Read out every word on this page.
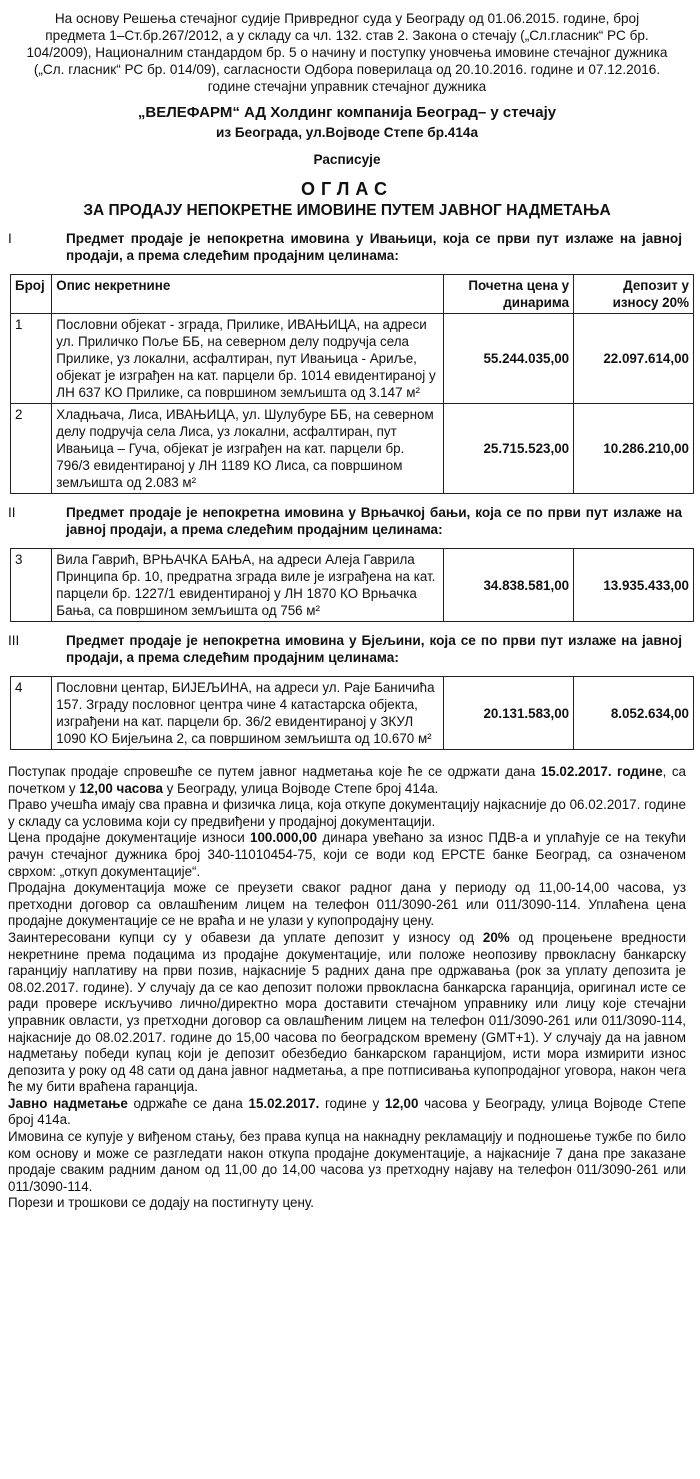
На основу Решења стечајног судије Привредног суда у Београду од 01.06.2015. године, број предмета 1–Ст.бр.267/2012, а у складу са чл. 132. став 2. Закона о стечају („Сл.гласник“ РС бр. 104/2009), Националним стандардом бр. 5 о начину и поступку уновчења имовине стечајног дужника („Сл. гласник“ РС бр. 014/09), сагласности Одбора поверилаца од 20.10.2016. године и 07.12.2016. године стечајни управник стечајног дужника
„ВЕЛЕФАРМ“ АД Холдинг компанија Београд– у стечају
из Београда, ул.Војводе Степе бр.414а
Расписује
ОГЛАС
ЗА ПРОДАЈУ НЕПОКРЕТНЕ ИМОВИНЕ ПУТЕМ ЈАВНОГ НАДМЕТАЊА
I	Предмет продаје је непокретна имовина у Ивањици, која се први пут излаже на јавној продаји, а према следећим продајним целинама:
Број	Опис некретнине	Почетна цена у динарима	Депозит у износу 20%
1	Пословни објекат - зграда, Прилике, ИВАЊИЦА, на адреси ул. Приличко Поље ББ, на северном делу подручја села Прилике, уз локални, асфалтиран, пут Ивањица - Ариље, објекат је изграђен на кат. парцели бр. 1014 евидентираној у ЛН 637 КО Прилике, са површином земљишта од 3.147 м²	55.244.035,00	22.097.614,00
2	Хладњача, Лиса, ИВАЊИЦА, ул. Шулубуре ББ, на северном делу подручја села Лиса, уз локални, асфалтиран, пут Ивањица – Гуча, објекат је изграђен на кат. парцели бр. 796/3 евидентираној у ЛН 1189 КО Лиса, са површином земљишта од 2.083 м²	25.715.523,00	10.286.210,00
II	Предмет продаје је непокретна имовина у Врњачкој бањи, која се по први пут излаже на јавној продаји, а према следећим продајним целинама:
3	Вила Гаврић, ВРЊАЧКА БАЊА, на адреси Алеја Гаврила Принципа бр. 10, предратна зграда виле је изграђена на кат. парцели бр. 1227/1 евидентираној у ЛН 1870 КО Врњачка Бања, са површином земљишта од 756 м²	34.838.581,00	13.935.433,00
III	Предмет продаје је непокретна имовина у Бјељини, која се по први пут излаже на јавној продаји, а према следећим продајним целинама:
4	Пословни центар, БИЈЕЉИНА, на адреси ул. Раје Баничића 157. Зграду пословног центра чине 4 катастарска објекта, изграђени на кат. парцели бр. 36/2 евидентираној у ЗКУЛ 1090 КО Бијељина 2, са површином земљишта од 10.670 м²	20.131.583,00	8.052.634,00

Поступак продаје спровешће се путем јавног надметања које ће се одржати дана 15.02.2017. године, са почетком у 12,00 часова у Београду, улица Војводе Степе број 414а.

Право учешћа имају сва правна и физичка лица, која откупе документацију најкасније до 06.02.2017. године у складу са условима који су предвиђени у продајној документацији.

Цена продајне документације износи 100.000,00 динара увећано за износ ПДВ-а и уплаћује се на текући рачун стечајног дужника број 340-11010454-75, који се води код ЕРСТЕ банке Београд, са означеном сврхом: „откуп документације“.

Продајна документација може се преузети сваког радног дана у периоду од 11,00-14,00 часова, уз претходни договор са овлашћеним лицем на телефон 011/3090-261 или 011/3090-114. Уплаћена цена продајне документације се не враћа и не улази у купопродајну цену.

Заинтересовани купци су у обавези да уплате депозит у износу од 20% од процењене вредности некретнине према подацима из продајне документације, или положе неопозиву првокласну банкарску гаранцију наплативу на први позив, најкасније 5 радних дана пре одржавања (рок за уплату депозита је 08.02.2017. године). У случају да се као депозит положи првокласна банкарска гаранција, оригинал исте се ради провере искључиво лично/директно мора доставити стечајном управнику или лицу које стечајни управник овласти, уз претходни договор са овлашћеним лицем на телефон 011/3090-261 или 011/3090-114, најкасније до 08.02.2017. године до 15,00 часова по београдском времену (GMT+1). У случају да на јавном надметању победи купац који је депозит обезбедио банкарском гаранцијом, исти мора измирити износ депозита у року од 48 сати од дана јавног надметања, а пре потписивања купопродајног уговора, након чега ће му бити враћена гаранција.

Јавно надметање одржаће се дана 15.02.2017. године у 12,00 часова у Београду, улица Војводе Степе број 414а.

Имовина се купује у виђеном стању, без права купца на накнадну рекламацију и подношење тужбе по било ком основу и може се разгледати након откупа продајне документације, а најкасније 7 дана пре заказане продаје сваким радним даном од 11,00 до 14,00 часова уз претходну најаву на телефон 011/3090-261 или 011/3090-114.

Порези и трошкови се додају на постигнуту цену.
